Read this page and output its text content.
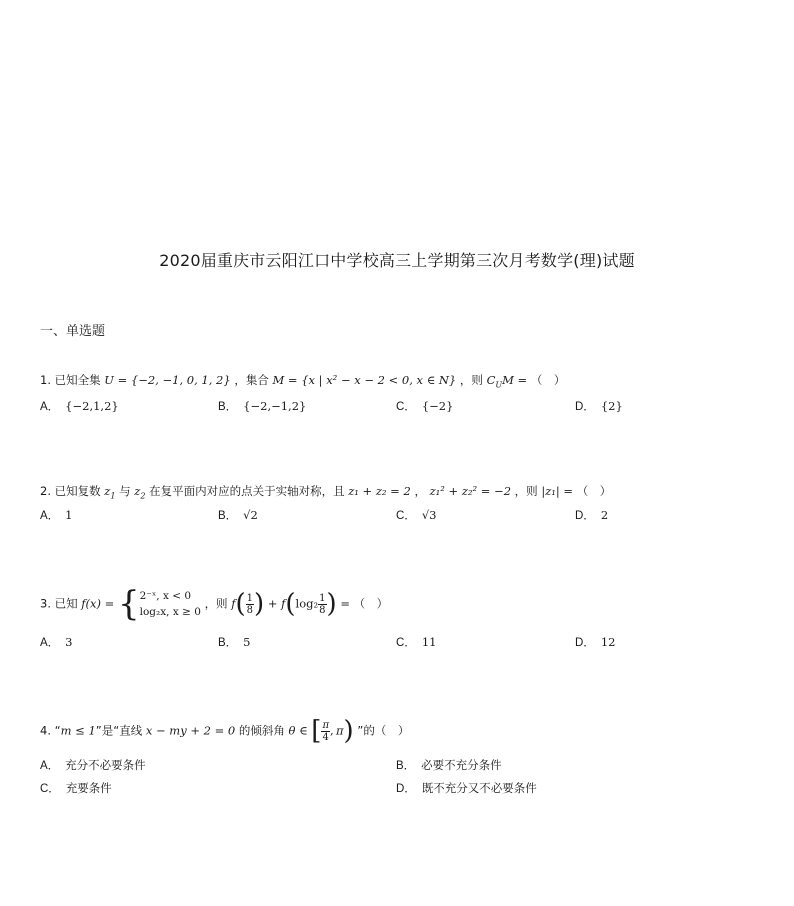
2020届重庆市云阳江口中学校高三上学期第三次月考数学(理)试题
一、单选题
1. 已知全集 U = {−2, −1, 0, 1, 2} ，集合 M = {x | x² − x − 2 < 0, x ∈ N} ，则 $C_UM$ = （　）
A． {−2,1,2}	B． {−2,−1,2}	C． {−2}	D． {2}
2. 已知复数 $z_1$ 与 $z_2$ 在复平面内对应的点关于实轴对称，且 z₁ + z₂ = 2 ， z₁² + z₂² = −2 ，则 |z₁| = （　）
A． 1	B． √2	C． √3	D． 2
3. 已知 f(x) = { 2⁻ˣ, x < 0
log₂x, x ≥ 0
，则 $f( \frac{1}{8}$ ) + $f(\log_2 \frac{1}{8}$ ) = （　）
A． 3	B． 5	C． 11	D． 12
4. “m ≤ 1”是“直线 x − my + 2 = 0 的倾斜角 θ ∈ [ $\frac{\pi}{4}$ , π) ”的（　）
A． 充分不必要条件	B． 必要不充分条件
C． 充要条件	D． 既不充分又不必要条件
